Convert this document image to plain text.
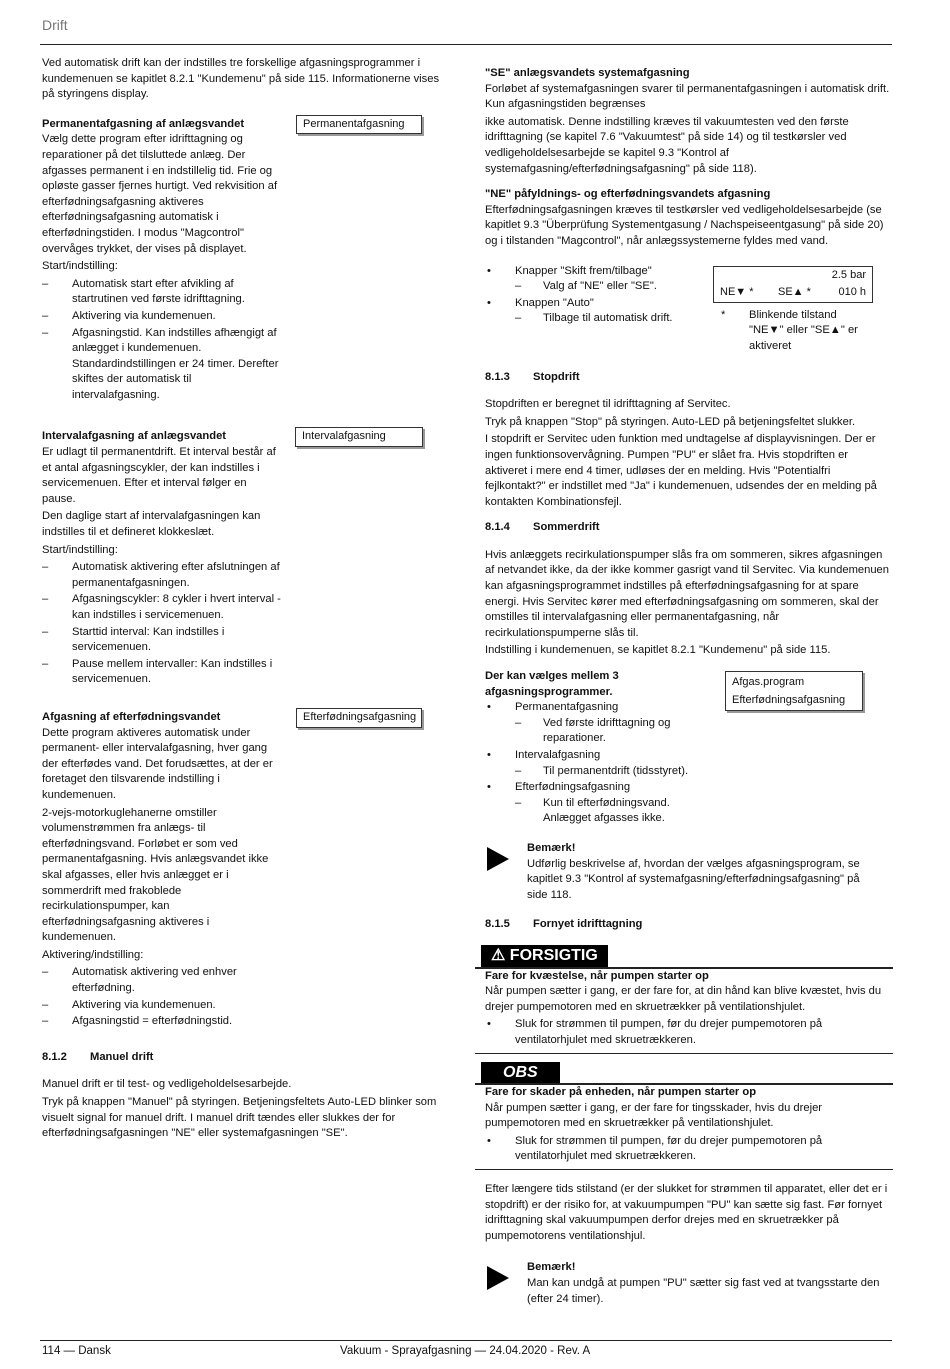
Drift

Ved automatisk drift kan der indstilles tre forskellige afgasningsprogrammer i kundemenuen se kapitlet 8.2.1 "Kundemenu" på side 115. Informationerne vises på styringens display.

Permanentafgasning
Permanentafgasning af anlægsvandet

Vælg dette program efter idrifttagning og reparationer på det tilsluttede anlæg. Der afgasses permanent i en indstillelig tid. Frie og opløste gasser fjernes hurtigt. Ved rekvisition af efterfødningsafgasning aktiveres efterfødningsafgasning automatisk i efterfødningstiden. I modus "Magcontrol" overvåges trykket, der vises på displayet.

Start/indstilling:

– Automatisk start efter afvikling af startrutinen ved første idrifttagning.
– Aktivering via kundemenuen.
– Afgasningstid. Kan indstilles afhængigt af anlægget i kundemenuen. Standardindstillingen er 24 timer. Derefter skiftes der automatisk til intervalafgasning.
Intervalafgasning
Intervalafgasning af anlægsvandet

Er udlagt til permanentdrift. Et interval består af et antal afgasningscykler, der kan indstilles i servicemenuen. Efter et interval følger en pause.

Den daglige start af intervalafgasningen kan indstilles til et defineret klokkeslæt.

Start/indstilling:

– Automatisk aktivering efter afslutningen af permanentafgasningen.
– Afgasningscykler: 8 cykler i hvert interval - kan indstilles i servicemenuen.
– Starttid interval: Kan indstilles i servicemenuen.
– Pause mellem intervaller: Kan indstilles i servicemenuen.
Efterfødningsafgasning
Afgasning af efterfødningsvandet

Dette program aktiveres automatisk under permanent- eller intervalafgasning, hver gang der efterfødes vand. Det forudsættes, at der er foretaget den tilsvarende indstilling i kundemenuen.

2-vejs-motorkuglehanerne omstiller volumenstrømmen fra anlægs- til efterfødningsvand. Forløbet er som ved permanentafgasning. Hvis anlægsvandet ikke skal afgasses, eller hvis anlægget er i sommerdrift med frakoblede recirkulationspumper, kan efterfødningsafgasning aktiveres i kundemenuen.

Aktivering/indstilling:

– Automatisk aktivering ved enhver efterfødning.
– Aktivering via kundemenuen.
– Afgasningstid = efterfødningstid.
8.1.2 Manuel drift

Manuel drift er til test- og vedligeholdelsesarbejde.

Tryk på knappen "Manuel" på styringen. Betjeningsfeltets Auto-LED blinker som visuelt signal for manuel drift. I manuel drift tændes eller slukkes der for efterfødningsafgasningen "NE" eller systemafgasningen "SE".

"SE" anlægsvandets systemafgasning

Forløbet af systemafgasningen svarer til permanentafgasningen i automatisk drift. Kun afgasningstiden begrænses

ikke automatisk. Denne indstilling kræves til vakuumtesten ved den første idrifttagning (se kapitel 7.6 "Vakuumtest" på side 14) og til testkørsler ved vedligeholdelsesarbejde se kapitel 9.3 "Kontrol af systemafgasning/efterfødningsafgasning" på side 118).

"NE" påfyldnings- og efterfødningsvandets afgasning

Efterfødningsafgasningen kræves til testkørsler ved vedligeholdelsesarbejde (se kapitlet 9.3 "Überprüfung Systementgasung / Nachspeiseentgasung" på side 20) og i tilstanden "Magcontrol", når anlægssystemerne fyldes med vand.

• Knapper "Skift frem/tilbage"
– Valg af "NE" eller "SE".
• Knappen "Auto"
– Tilbage til automatisk drift.
2.5 bar
NE▼ * SE▲ *	010 h
* Blinkende tilstand
"NE▼" eller "SE▲" er aktiveret
8.1.3 Stopdrift

Stopdriften er beregnet til idrifttagning af Servitec.

Tryk på knappen "Stop" på styringen. Auto-LED på betjeningsfeltet slukker.

I stopdrift er Servitec uden funktion med undtagelse af displayvisningen. Der er ingen funktionsovervågning. Pumpen "PU" er slået fra. Hvis stopdriften er aktiveret i mere end 4 timer, udløses der en melding. Hvis "Potentialfri fejlkontakt?" er indstillet med "Ja" i kundemenuen, udsendes der en melding på kontakten Kombinationsfejl.

8.1.4 Sommerdrift

Hvis anlæggets recirkulationspumper slås fra om sommeren, sikres afgasningen af netvandet ikke, da der ikke kommer gasrigt vand til Servitec. Via kundemenuen kan afgasningsprogrammet indstilles på efterfødningsafgasning for at spare energi. Hvis Servitec kører med efterfødningsafgasning om sommeren, skal der omstilles til intervalafgasning eller permanentafgasning, når recirkulationspumperne slås til.

Indstilling i kundemenuen, se kapitlet 8.2.1 "Kundemenu" på side 115.

Afgas.program
Efterfødningsafgasning
Der kan vælges mellem 3 afgasningsprogrammer.
• Permanentafgasning
– Ved første idrifttagning og
reparationer.
• Intervalafgasning
– Til permanentdrift (tidsstyret).
• Efterfødningsafgasning
– Kun til efterfødningsvand.
Anlægget afgasses ikke.
Bemærk!

Udførlig beskrivelse af, hvordan der vælges afgasningsprogram, se kapitlet 9.3 "Kontrol af systemafgasning/efterfødningsafgasning" på side 118.

8.1.5 Fornyet idrifttagning
⚠ FORSIGTIG
Fare for kvæstelse, når pumpen starter op

Når pumpen sætter i gang, er der fare for, at din hånd kan blive kvæstet, hvis du drejer pumpemotoren med en skruetrækker på ventilationshjulet.

• Sluk for strømmen til pumpen, før du drejer pumpemotoren på ventilatorhjulet med skruetrækkeren.
OBS
Fare for skader på enheden, når pumpen starter op

Når pumpen sætter i gang, er der fare for tingsskader, hvis du drejer pumpemotoren med en skruetrækker på ventilationshjulet.

• Sluk for strømmen til pumpen, før du drejer pumpemotoren på ventilatorhjulet med skruetrækkeren.

Efter længere tids stilstand (er der slukket for strømmen til apparatet, eller det er i stopdrift) er der risiko for, at vakuumpumpen "PU" kan sætte sig fast. Før fornyet idrifttagning skal vakuumpumpen derfor drejes med en skruetrækker på pumpemotorens ventilationshjul.

Bemærk!

Man kan undgå at pumpen "PU" sætter sig fast ved at tvangsstarte den (efter 24 timer).

114 — Dansk	Vakuum - Sprayafgasning — 24.04.2020 - Rev. A
